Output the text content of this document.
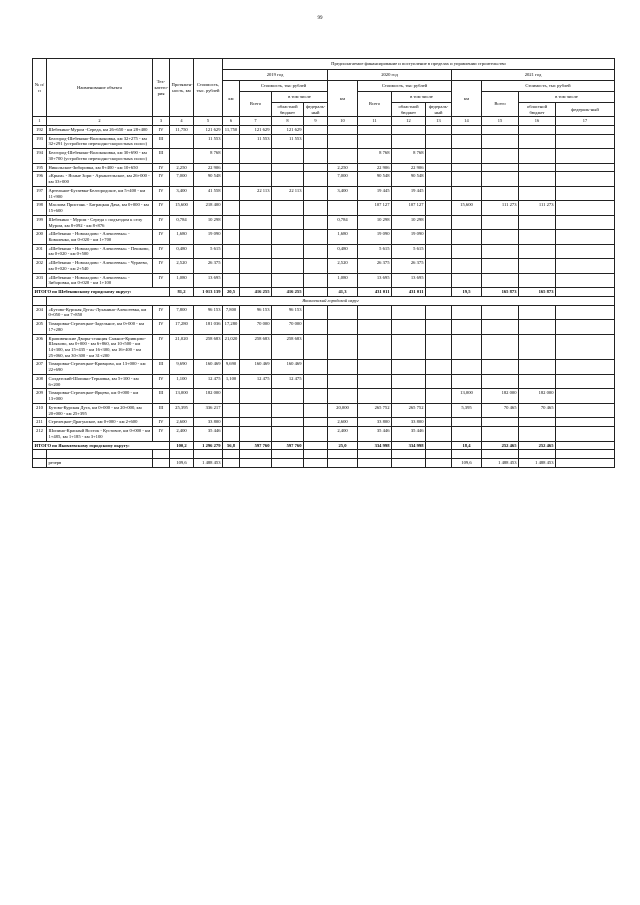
99
№ п/п	Наименование объекта	Тех-катего-рия	Протяжен-ность, км	Стоимость, тыс. рублей	Предполагаемое финансирование и поступление в пределах и управлении строительство											
					2019 год				2020 год				2021 год			
					км	Стоимость, тыс рублей			км	Стоимость, тыс рублей			км	Стоимость, тыс рублей		
						Всего	в том числе			Всего	в том числе			Всего	в том числе	
							областной бюджет	федераль-ный			областной бюджет	федераль-ный			областной бюджет	федераль-ный
1	2	3	4	5	6	7	8	9	10	11	12	13	14	15	16	17
192	Шебекино-Муром -Середа, км 26+650 - км 28+400	IV	11,750	121 629	11,750	121 629	121 629									
193	Белгород-Шебекино-Волоконовка, км 32+275 - км 32+291 (устройство переходно-скоростных полос)	III		11 553		11 553	11 553									
194	Белгород-Шебекино-Волоконовка, км 30+690 - км 30+700 (устройство переходно-скоростных полос)	III		8 768						8 768	8 768					
195	Никольское-Зиборовка, км 8+400 - км 10+650	IV	2,250	22 906					2,250	22 906	22 906					
196	«Крым» - Ясные Зори - Архангельское, км 26+000 - км 33+000	IV	7,000	90 548					7,000	90 548	90 548					
197	Артельное-Бугаевка-Белгородское, км 5+400 - км 11+900	IV	3,400	41 558		22 113	22 113		3,400	19 445	19 445					
198	Масловa Пристань - Батрацкая Дача, км 0+000 - км 15+600	IV	15,600	218 400						107 127	107 127		15,600	111 273	111 273	
199	Шебекино - Муром - Середа с подъездом к селу Муром, км 8+092 - км 8+876	IV	0,784	10 298					0,784	10 298	10 298					
200	«Шебекино - Новоалдово - Алексеевка» - Коваленко, км 0+020 - км 1+700	IV	1,680	19 090					1,680	19 090	19 090					
201	«Шебекино - Новоалдово - Алексеевка» - Пешково, км 0+020 - км 0+500	IV	0,480	5 615					0,480	5 615	5 615					
202	«Шебекино - Новоалдово - Алексеевка» - Чураево, км 0+020 - км 2+540	IV	2,520	26 375					2,520	26 375	26 375					
203	«Шебекино - Новоалдово - Алексеевка» - Зиборовка, км 0+020 - км 1+100	IV	1,080	13 695					1,080	13 695	13 695					
ИТОГО по Шебекинскому городскому округу:			81,2	1 013 139	20,5	416 255	416 255		41,3	431 011	431 011		19,5	165 873	165 873	
	Яковлевский городской округ															
204	«Бутово-Курская Дуга»-Луханино-Алексеевка, км 0+050 - км 7+850	IV	7,800	96 153	7,800	96 153	96 153									
205	Томаровка-Стрелецкое-Задельное, км 0+000 - км 17+280	IV	17,280	181 036	17,280	70 000	70 000									
206	Крапивенские Дворы-станция Сажное-Кривцово-Шляхово, км 0+000 - км 6+860, км 10+500 - км 14+300, км 15+435 - км 16+300, км 16+400 - км 25+060, км 30+300 - км 31+200	IV	21,020	258 683	21,020	258 683	258 683									
207	Томаровка-Стрелецкое-Кривцово, км 13+000 - км 22+690	III	9,690	160 469	9,690	160 469	160 469									
208	Солдатский-Шопино-Терновка, км 5+100 - км 6+200	IV	1,100	12 475	1,100	12 475	12 475									
209	Томаровка-Стрелецкое-Ярцево, км 0+000 - км 13+000	III	13,000	182 000									13,000	182 000	182 000	
210	Бутово-Курская Дуга, км 0+000 - км 20+000, км 20+000 - км 25+395	III	25,395	336 217					20,000	265 752	265 752		5,395	70 465	70 465	
211	Стрелецкое-Драгунское, км 0+000 - км 2+600	IV	2,600	33 800					2,600	33 800	33 800					
212	Шопино-Красный Восток - Кустовое, км 0+000 - км 1+485, км 1+185 - км 3+100	IV	2,400	35 446					2,400	35 446	35 446					
ИТОГО по Яковлевскому городскому округу:			100,2	1 296 279	56,8	597 760	597 760		25,0	334 998	334 998		18,4	252 465	252 465	

	резерв		109,6	1 488 453									109,6	1 488 453	1 488 453	
